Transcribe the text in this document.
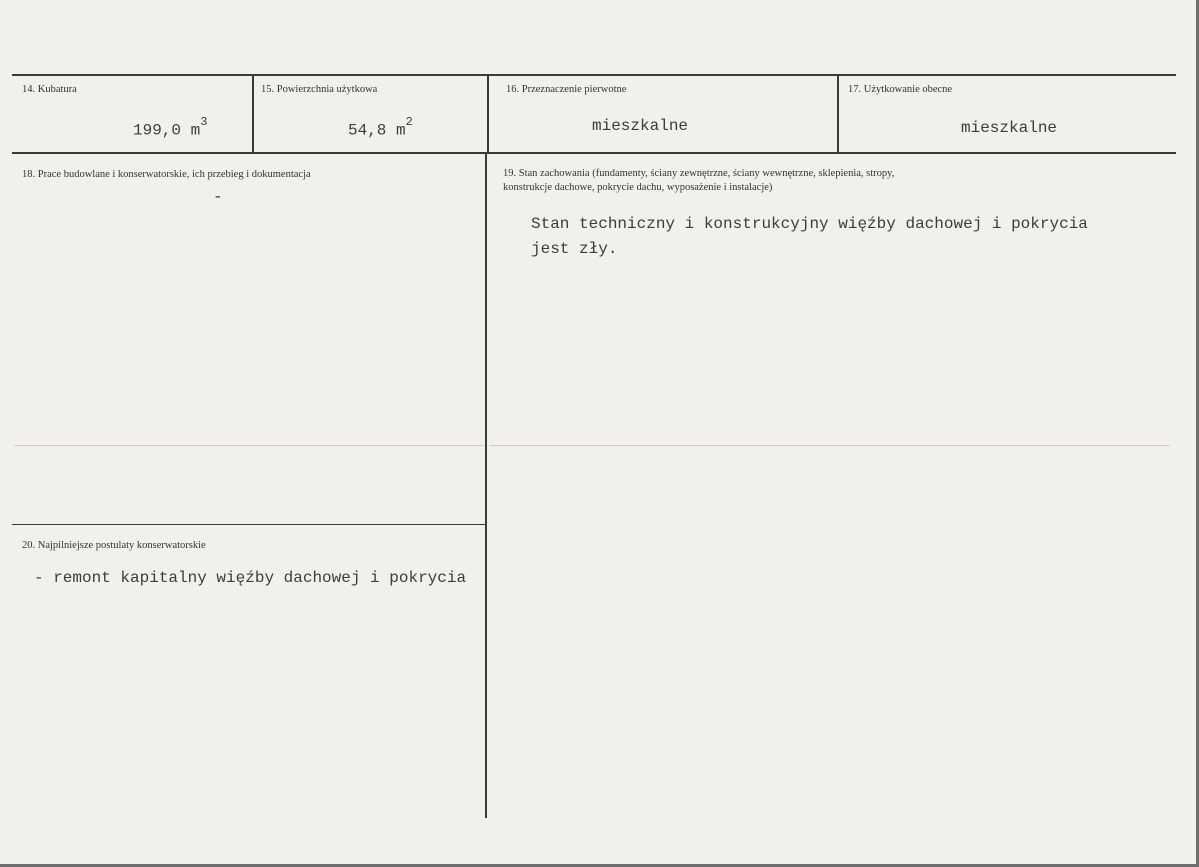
14. Kubatura
199,0 $m^3$
15. Powierzchnia użytkowa
54,8 $m^2$
16. Przeznaczenie pierwotne
mieszkalne
17. Użytkowanie obecne
mieszkalne
18. Prace budowlane i konserwatorskie, ich przebieg i dokumentacja
-
19. Stan zachowania (fundamenty, ściany zewnętrzne, ściany wewnętrzne, sklepienia, stropy,
konstrukcje dachowe, pokrycie dachu, wyposażenie i instalacje)
Stan techniczny i konstrukcyjny więźby dachowej i pokrycia
jest zły.
20. Najpilniejsze postulaty konserwatorskie
- remont kapitalny więźby dachowej i pokrycia
